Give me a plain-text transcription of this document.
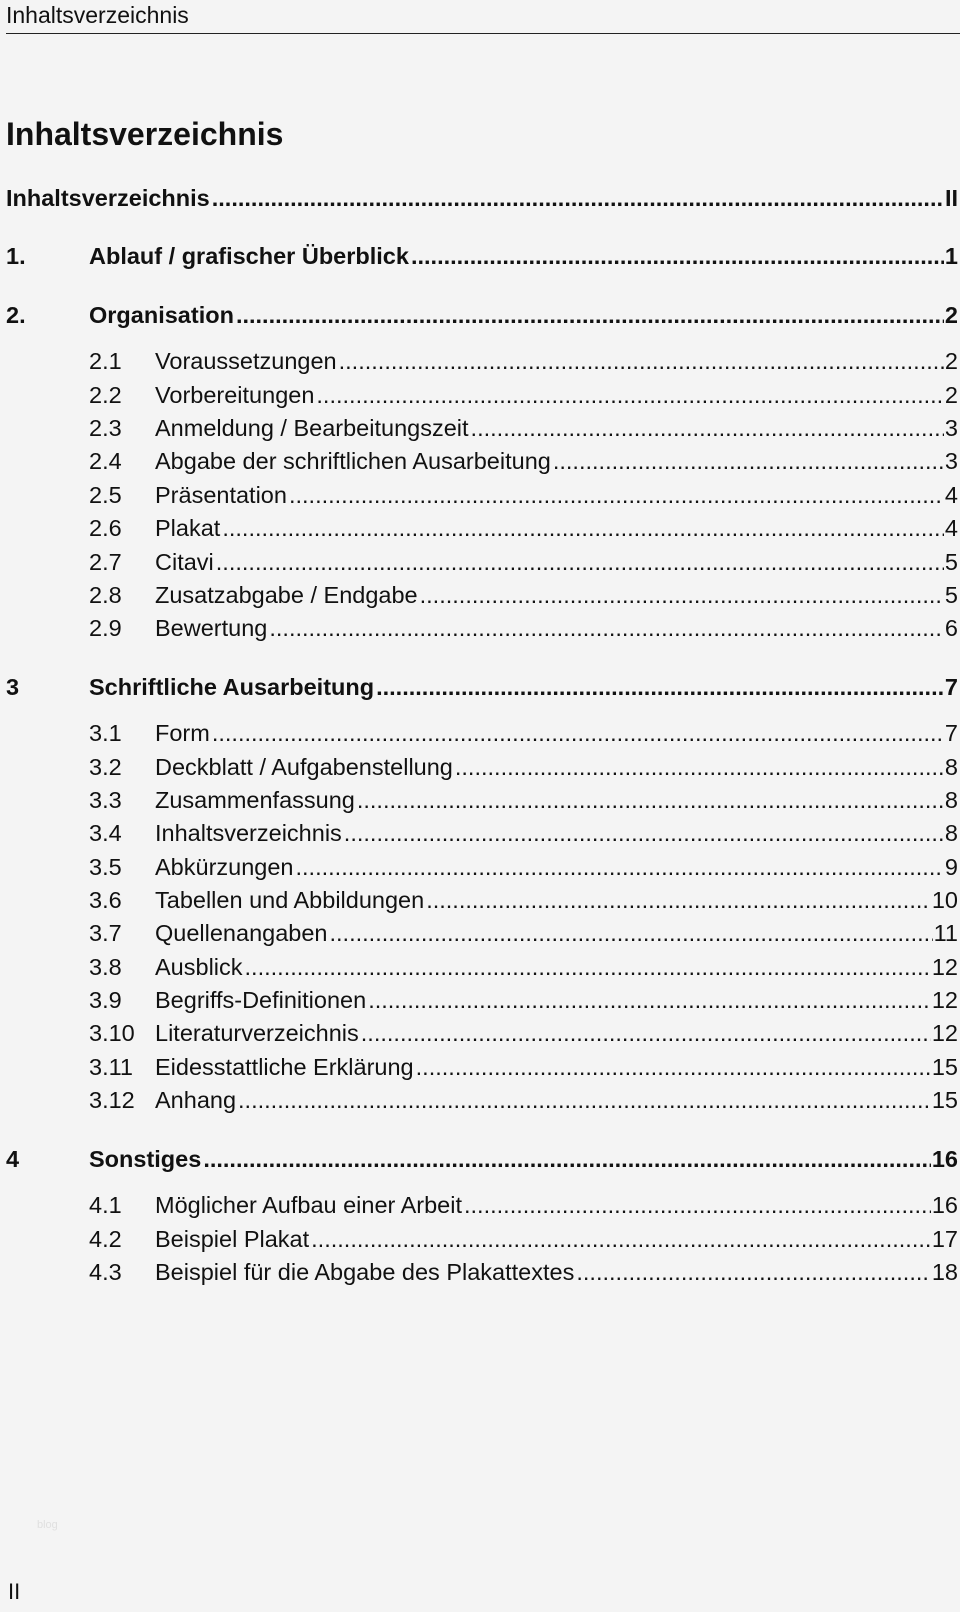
Inhaltsverzeichnis
Inhaltsverzeichnis
Inhaltsverzeichnis .....	II
1.	Ablauf / grafischer Überblick .....	1
2.	Organisation .....	2
2.1	Voraussetzungen .....	2
2.2	Vorbereitungen .....	2
2.3	Anmeldung / Bearbeitungszeit .....	3
2.4	Abgabe der schriftlichen Ausarbeitung .....	3
2.5	Präsentation .....	4
2.6	Plakat .....	4
2.7	Citavi .....	5
2.8	Zusatzabgabe / Endgabe .....	5
2.9	Bewertung .....	6
3	Schriftliche Ausarbeitung .....	7
3.1	Form .....	7
3.2	Deckblatt / Aufgabenstellung .....	8
3.3	Zusammenfassung .....	8
3.4	Inhaltsverzeichnis .....	8
3.5	Abkürzungen .....	9
3.6	Tabellen und Abbildungen .....	10
3.7	Quellenangaben .....	11
3.8	Ausblick .....	12
3.9	Begriffs-Definitionen .....	12
3.10 Literaturverzeichnis .....	12
3.11 Eidesstattliche Erklärung .....	15
3.12 Anhang .....	15
4	Sonstiges .....	16
4.1	Möglicher Aufbau einer Arbeit .....	16
4.2	Beispiel Plakat .....	17
4.3	Beispiel für die Abgabe des Plakattextes .....	18
blog
II
